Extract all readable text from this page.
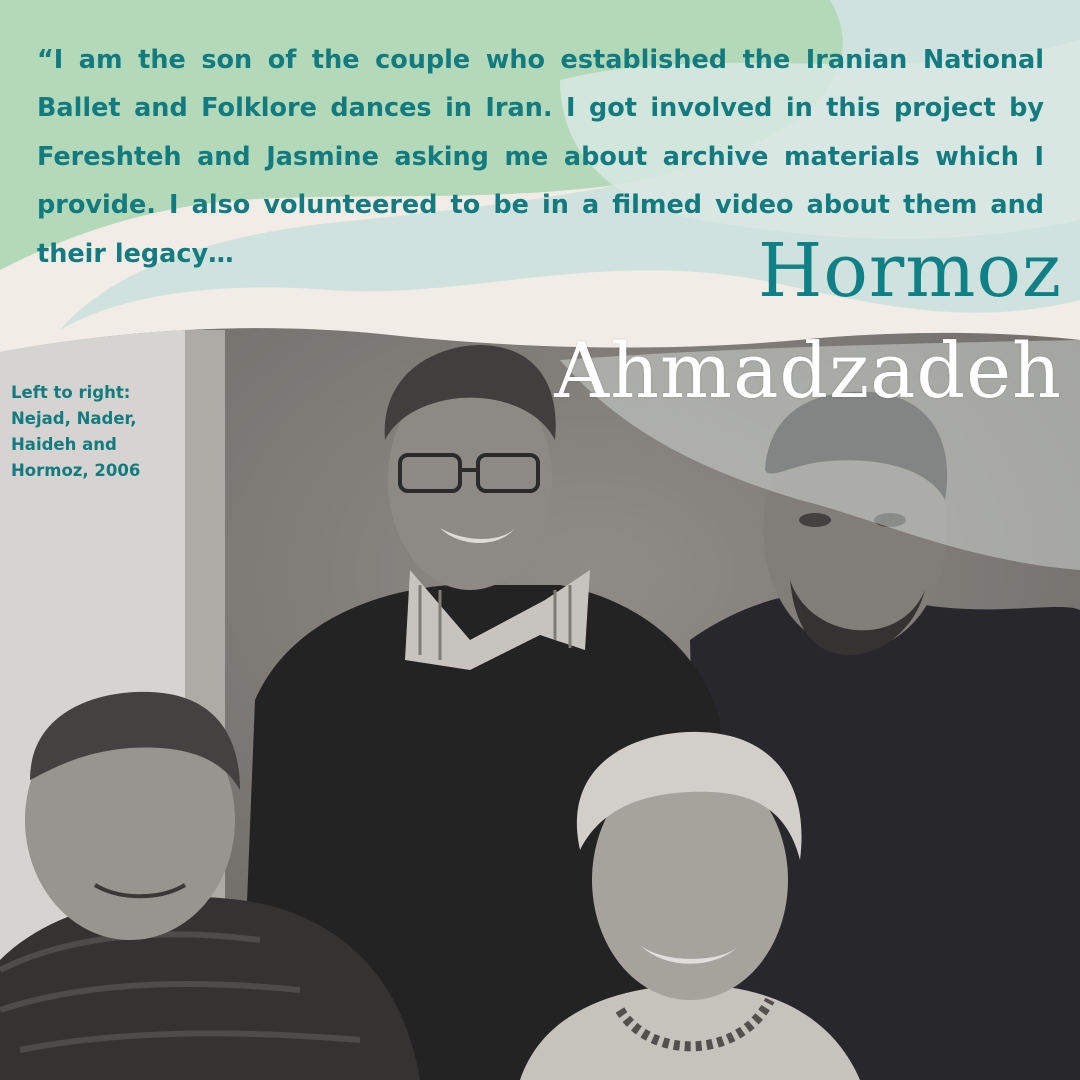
“I am the son of the couple who established the Iranian National Ballet and Folklore dances in Iran. I got involved in this project by Fereshteh and Jasmine asking me about archive materials which I provide. I also volunteered to be in a filmed video about them and their legacy…	Hormoz
Ahmadzadeh

Left to right:
Nejad, Nader,
Haideh and
Hormoz, 2006
